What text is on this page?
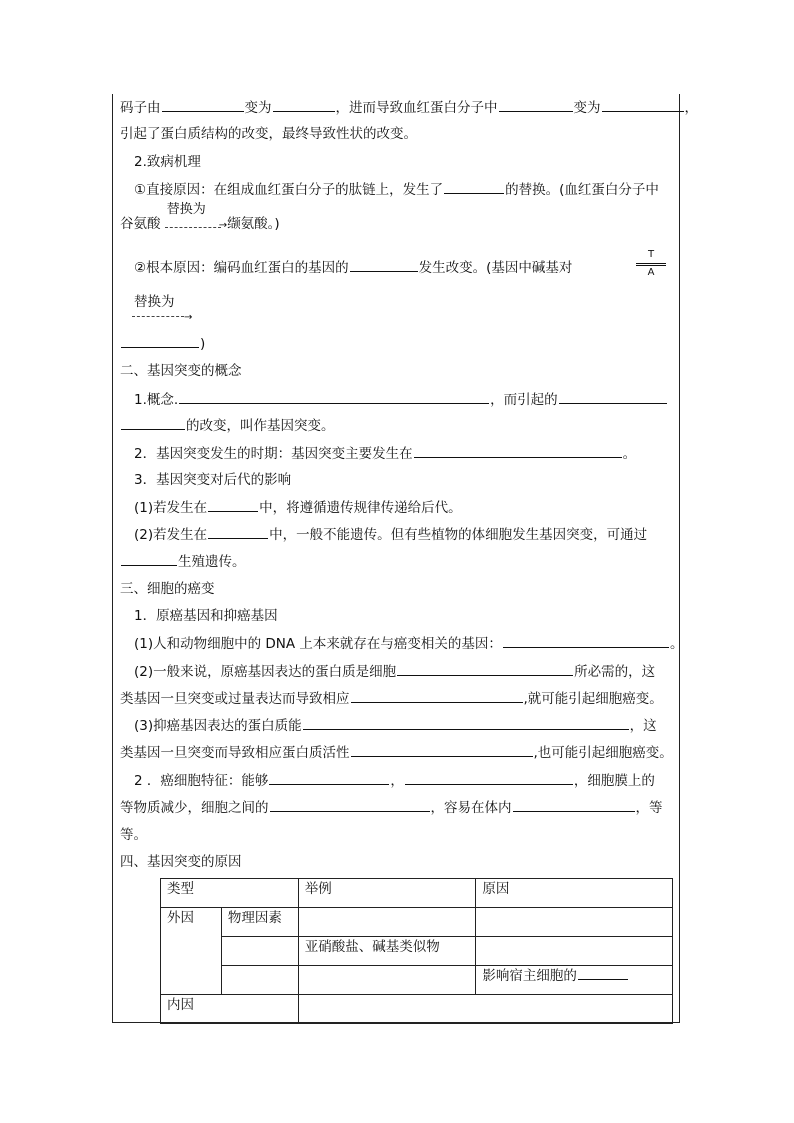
码子由	变为	，进而导致血红蛋白分子中	变为	，
引起了蛋白质结构的改变，最终导致性状的改变。
2.致病机理
①直接原因：在组成血红蛋白分子的肽链上，发生了	的替换。(血红蛋白分子中
谷氨酸
替换为
→缬氨酸。)
②根本原因：编码血红蛋白的基因的	发生改变。(基因中碱基对	$\frac{T}{A}$
替换为
→
)
二、基因突变的概念
1.概念.	，而引起的
的改变，叫作基因突变。
2．基因突变发生的时期：基因突变主要发生在	。
3．基因突变对后代的影响
(1)若发生在	中，将遵循遗传规律传递给后代。
(2)若发生在	中，一般不能遗传。但有些植物的体细胞发生基因突变，可通过
生殖遗传。
三、细胞的癌变
1．原癌基因和抑癌基因
(1)人和动物细胞中的 DNA 上本来就存在与癌变相关的基因：	。
(2)一般来说，原癌基因表达的蛋白质是细胞	所必需的，这
类基因一旦突变或过量表达而导致相应	,就可能引起细胞癌变。
(3)抑癌基因表达的蛋白质能	，这
类基因一旦突变而导致相应蛋白质活性	,也可能引起细胞癌变。
2 ．癌细胞特征：能够	，	，细胞膜上的
等物质减少，细胞之间的	，容易在体内	，等
等。
四、基因突变的原因
类型		举例	原因
外因	物理因素		
		亚硝酸盐、碱基类似物	
			影响宿主细胞的
内因			
